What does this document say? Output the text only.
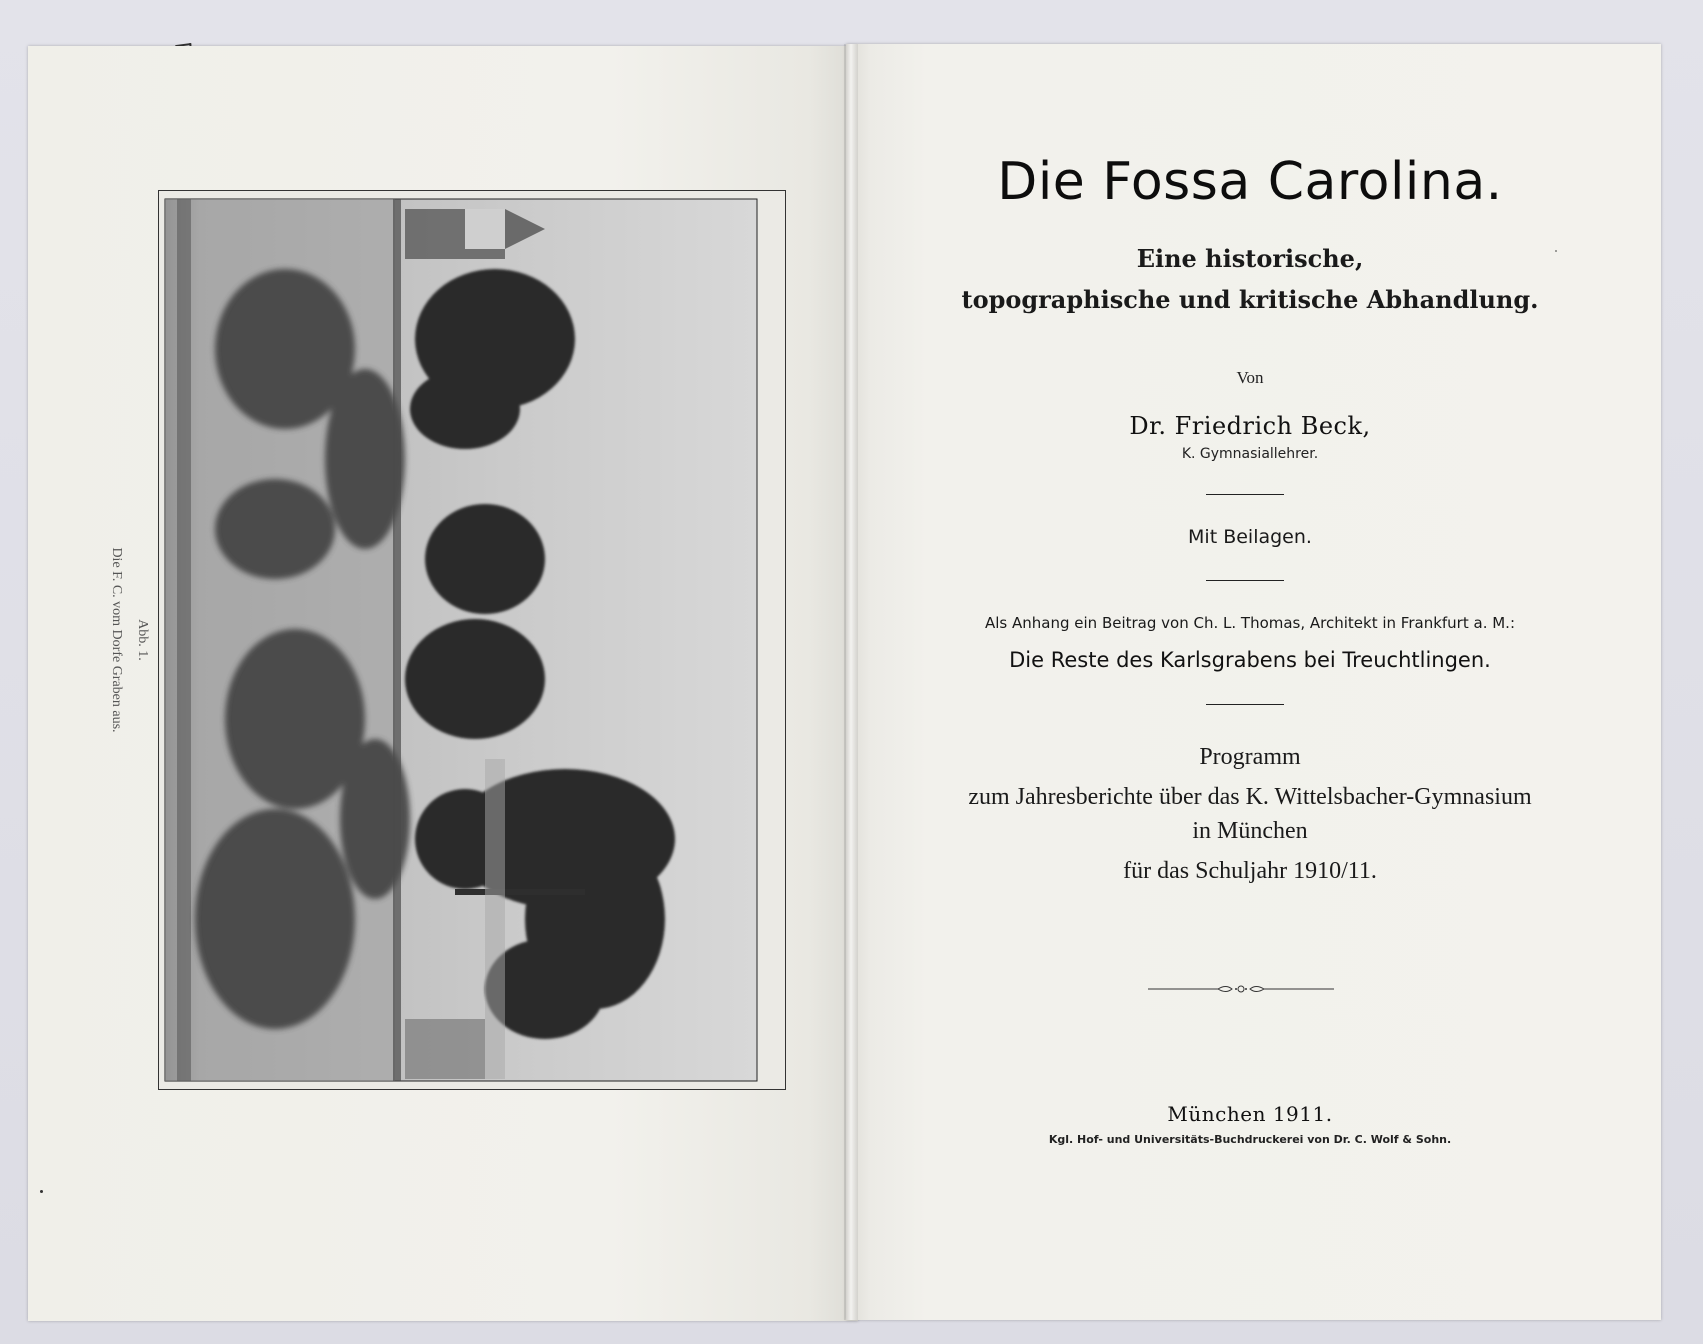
Abb. 1.
Die F. C. vom Dorfe Graben aus.
Die Fossa Carolina.
Eine historische,
topographische und kritische Abhandlung.
Von
Dr. Friedrich Beck,
K. Gymnasiallehrer.
Mit Beilagen.
Als Anhang ein Beitrag von Ch. L. Thomas, Architekt in Frankfurt a. M.:
Die Reste des Karlsgrabens bei Treuchtlingen.
Programm
zum Jahresberichte über das K. Wittelsbacher-Gymnasium
in München
für das Schuljahr 1910/11.
München 1911.
Kgl. Hof- und Universitäts-Buchdruckerei von Dr. C. Wolf & Sohn.
